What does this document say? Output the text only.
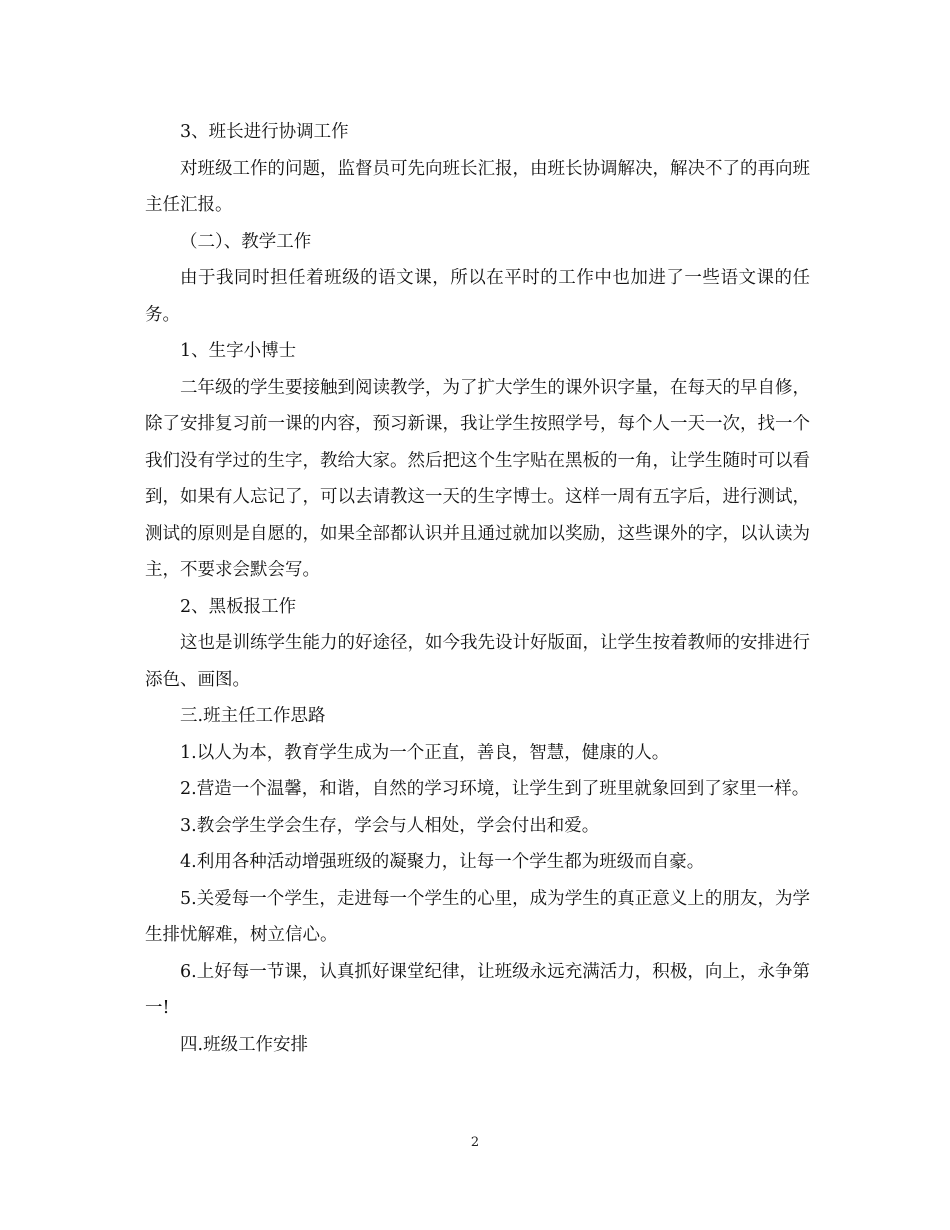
3、班长进行协调工作

对班级工作的问题，监督员可先向班长汇报，由班长协调解决，解决不了的再向班主任汇报。

（二）、教学工作

由于我同时担任着班级的语文课，所以在平时的工作中也加进了一些语文课的任务。

1、生字小博士

二年级的学生要接触到阅读教学，为了扩大学生的课外识字量，在每天的早自修，除了安排复习前一课的内容，预习新课，我让学生按照学号，每个人一天一次，找一个我们没有学过的生字，教给大家。然后把这个生字贴在黑板的一角，让学生随时可以看到，如果有人忘记了，可以去请教这一天的生字博士。这样一周有五字后，进行测试，测试的原则是自愿的，如果全部都认识并且通过就加以奖励，这些课外的字，以认读为主，不要求会默会写。

2、黑板报工作

这也是训练学生能力的好途径，如今我先设计好版面，让学生按着教师的安排进行添色、画图。

三.班主任工作思路

1.以人为本，教育学生成为一个正直，善良，智慧，健康的人。

2.营造一个温馨，和谐，自然的学习环境，让学生到了班里就象回到了家里一样。

3.教会学生学会生存，学会与人相处，学会付出和爱。

4.利用各种活动增强班级的凝聚力，让每一个学生都为班级而自豪。

5.关爱每一个学生，走进每一个学生的心里，成为学生的真正意义上的朋友，为学生排忧解难，树立信心。

6.上好每一节课，认真抓好课堂纪律，让班级永远充满活力，积极，向上，永争第一!

四.班级工作安排

2
